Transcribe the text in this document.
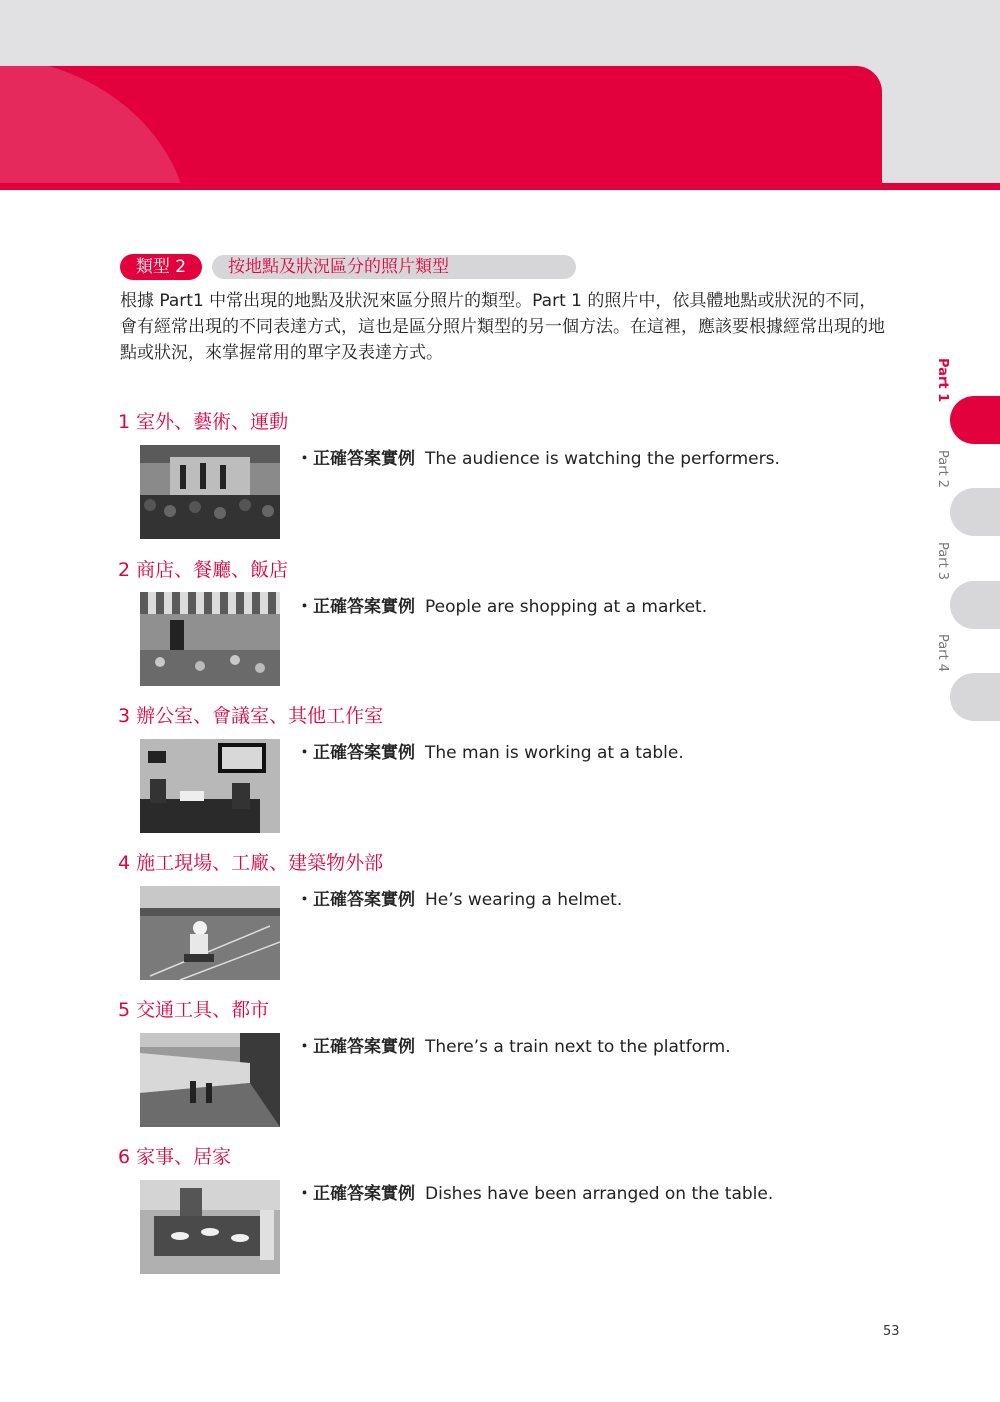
類型 2	按地點及狀況區分的照片類型
根據 Part1 中常出現的地點及狀況來區分照片的類型。Part 1 的照片中，依具體地點或狀況的不同，會有經常出現的不同表達方式，這也是區分照片類型的另一個方法。在這裡，應該要根據經常出現的地點或狀況，來掌握常用的單字及表達方式。
1 室外、藝術、運動
・正確答案實例 The audience is watching the performers.
2 商店、餐廳、飯店
・正確答案實例 People are shopping at a market.
3 辦公室、會議室、其他工作室
・正確答案實例 The man is working at a table.
4 施工現場、工廠、建築物外部
・正確答案實例 He’s wearing a helmet.
5 交通工具、都市
・正確答案實例 There’s a train next to the platform.
6 家事、居家
・正確答案實例 Dishes have been arranged on the table.
Part 1
Part 2
Part 3
Part 4
53
